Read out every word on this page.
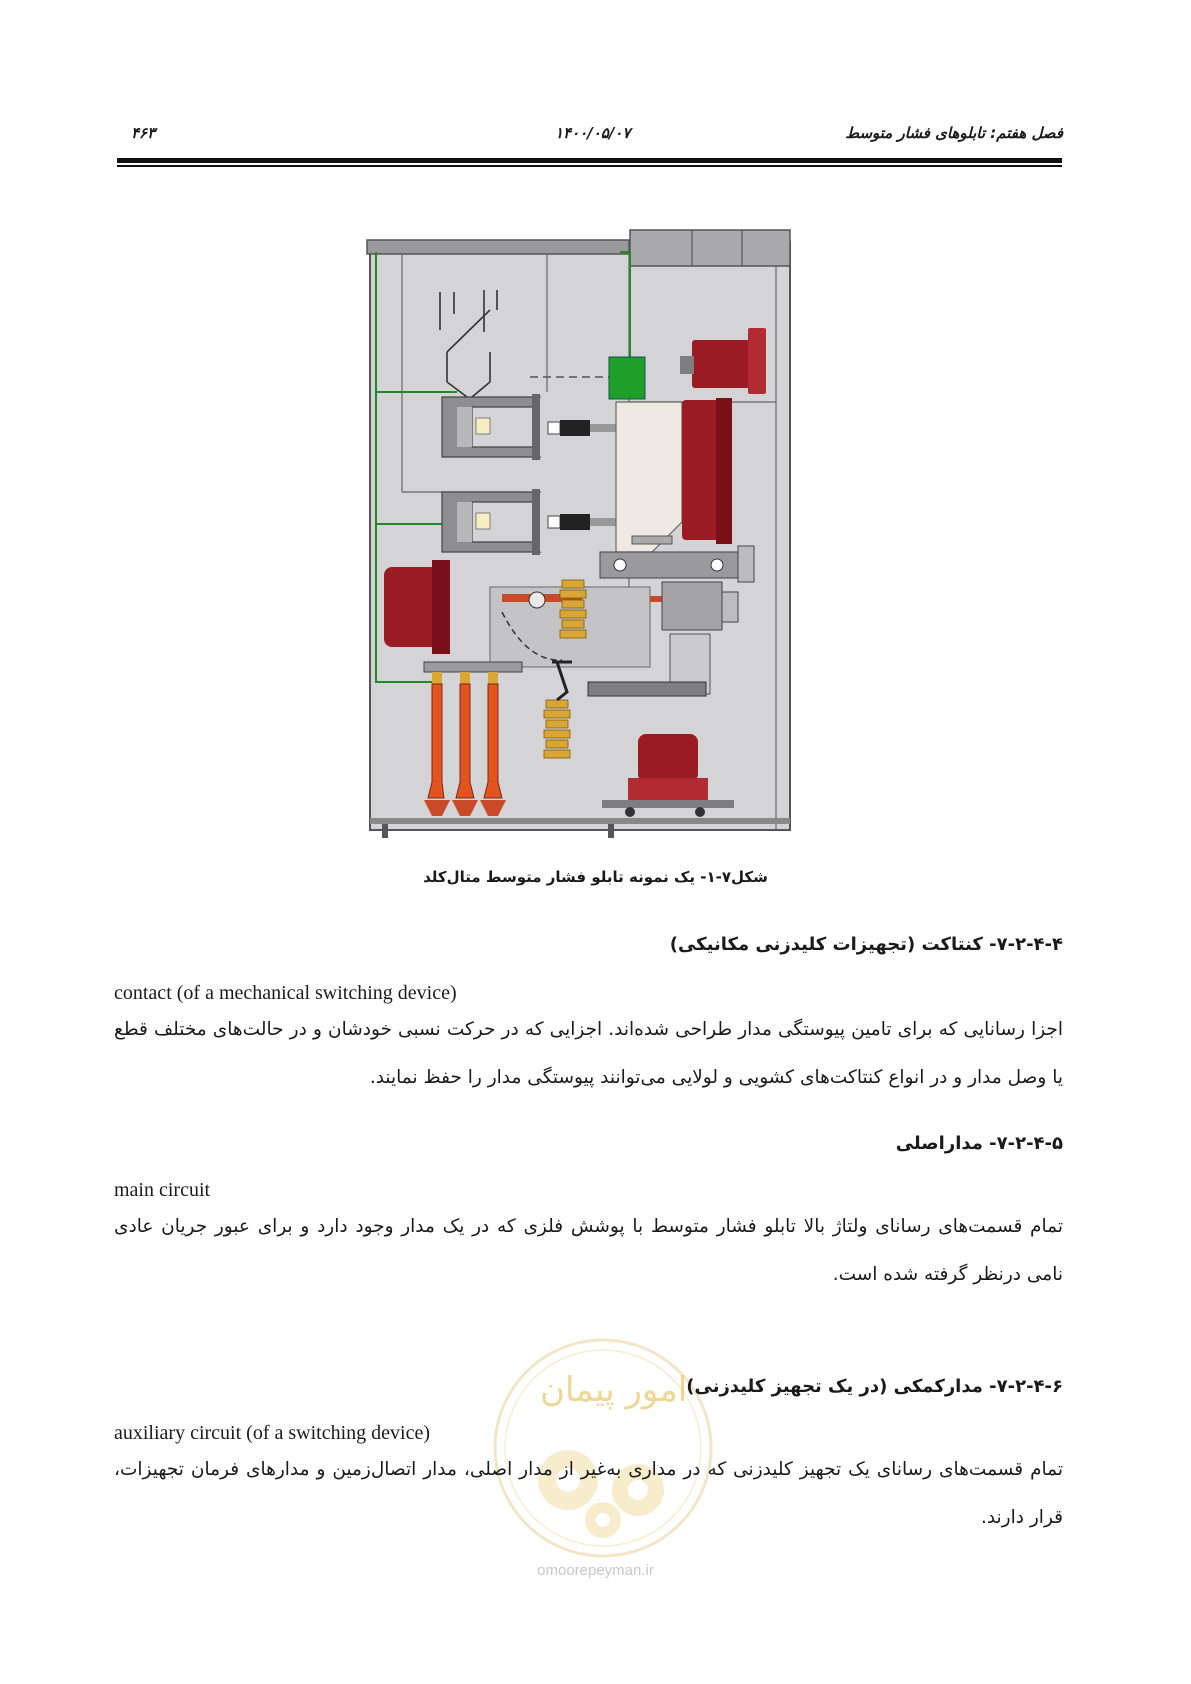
فصل هفتم: تابلوهای فشار متوسط
۱۴۰۰/۰۵/۰۷
۴۶۳
شکل۷-۱- یک نمونه تابلو فشار متوسط متال‌کلد
امور پیمان
omoorepeyman.ir
۷-۲-۴-۴- کنتاکت (تجهیزات کلیدزنی مکانیکی)
contact (of a mechanical switching device)
اجزا رسانایی که برای تامین پیوستگی مدار طراحی شده‌اند. اجزایی که در حرکت نسبی خودشان و در حالت‌های مختلف قطع یا وصل مدار و در انواع کنتاکت‌های کشویی و لولایی می‌توانند پیوستگی مدار را حفظ نمایند.
۷-۲-۴-۵- مداراصلی
main circuit
تمام قسمت‌های رسانای ولتاژ بالا تابلو فشار متوسط با پوشش فلزی که در یک مدار وجود دارد و برای عبور جریان عادی نامی درنظر گرفته شده است.
۷-۲-۴-۶- مدارکمکی (در یک تجهیز کلیدزنی)
auxiliary circuit (of a switching device)
تمام قسمت‌های رسانای یک تجهیز کلیدزنی که در مداری به‌غیر از مدار اصلی، مدار اتصال‌زمین و مدارهای فرمان تجهیزات، قرار دارند.
